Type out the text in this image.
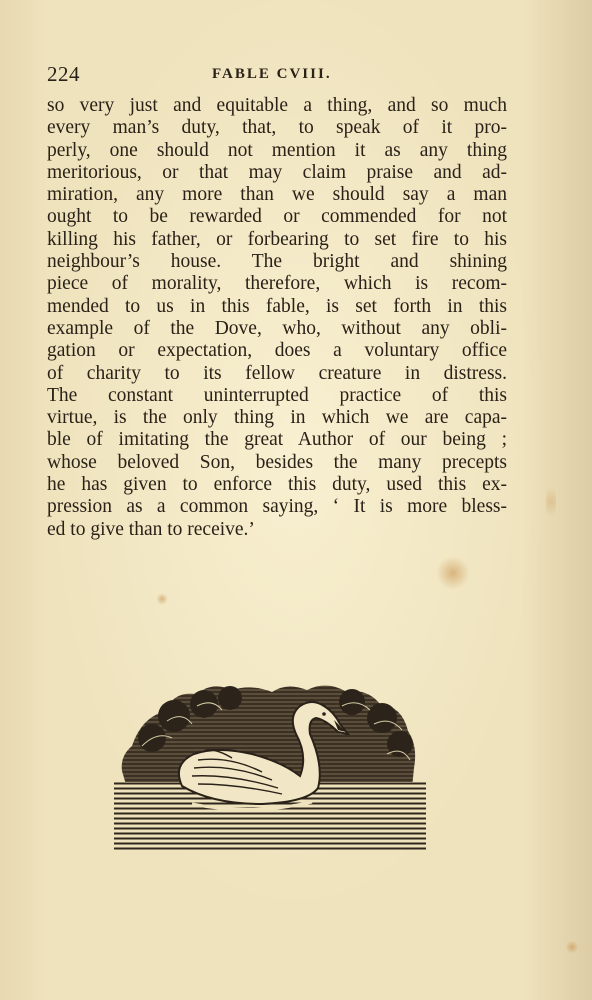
224	FABLE CVIII.
so very just and equitable a thing, and so much
every man’s duty, that, to speak of it pro-
perly, one should not mention it as any thing
meritorious, or that may claim praise and ad-
miration, any more than we should say a man
ought to be rewarded or commended for not
killing his father, or forbearing to set fire to his
neighbour’s house. The bright and shining
piece of morality, therefore, which is recom-
mended to us in this fable, is set forth in this
example of the Dove, who, without any obli-
gation or expectation, does a voluntary office
of charity to its fellow creature in distress.
The constant uninterrupted practice of this
virtue, is the only thing in which we are capa-
ble of imitating the great Author of our being ;
whose beloved Son, besides the many precepts
he has given to enforce this duty, used this ex-
pression as a common saying, ‘ It is more bless-
ed to give than to receive.’
